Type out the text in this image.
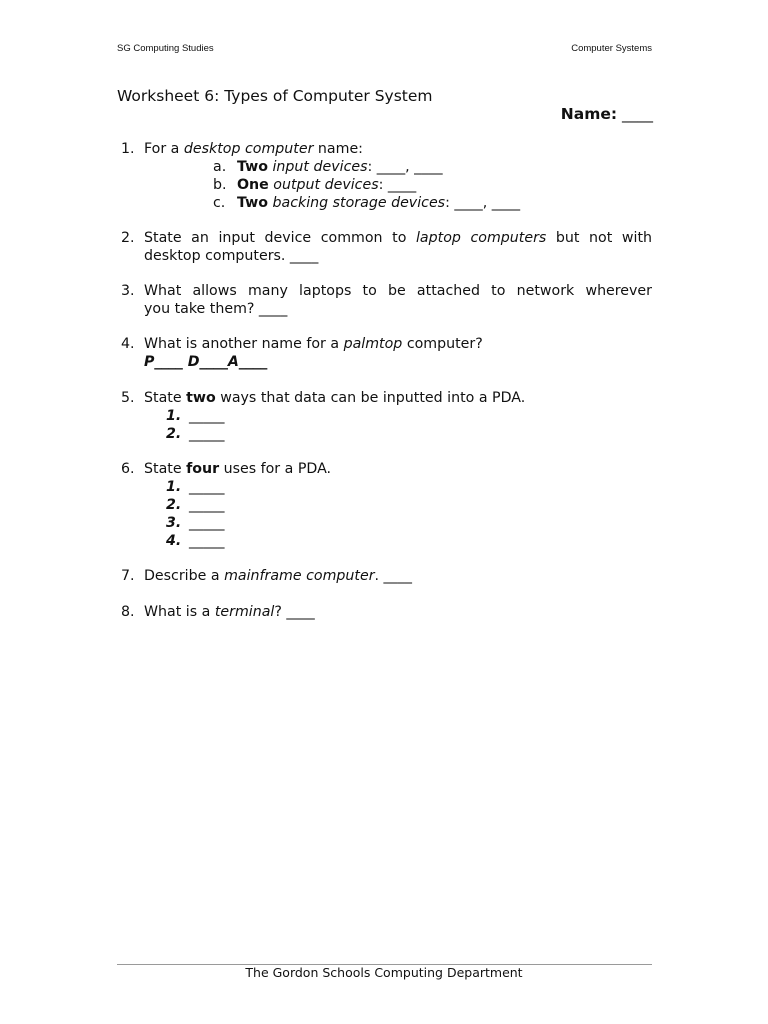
SG Computing Studies	Computer Systems
Worksheet 6: Types of Computer System
Name: ____
1. For a desktop computer name:
a. Two input devices: ____, ____
b. One output devices: ____
c. Two backing storage devices: ____, ____
2. State an input device common to laptop computers but not with
desktop computers. ____
3. What allows many laptops to be attached to network wherever
you take them? ____
4. What is another name for a palmtop computer?
P____ D____A____
5. State two ways that data can be inputted into a PDA.
1. _____
2. _____
6. State four uses for a PDA.
1. _____
2. _____
3. _____
4. _____
7. Describe a mainframe computer. ____
8. What is a terminal? ____
The Gordon Schools Computing Department
